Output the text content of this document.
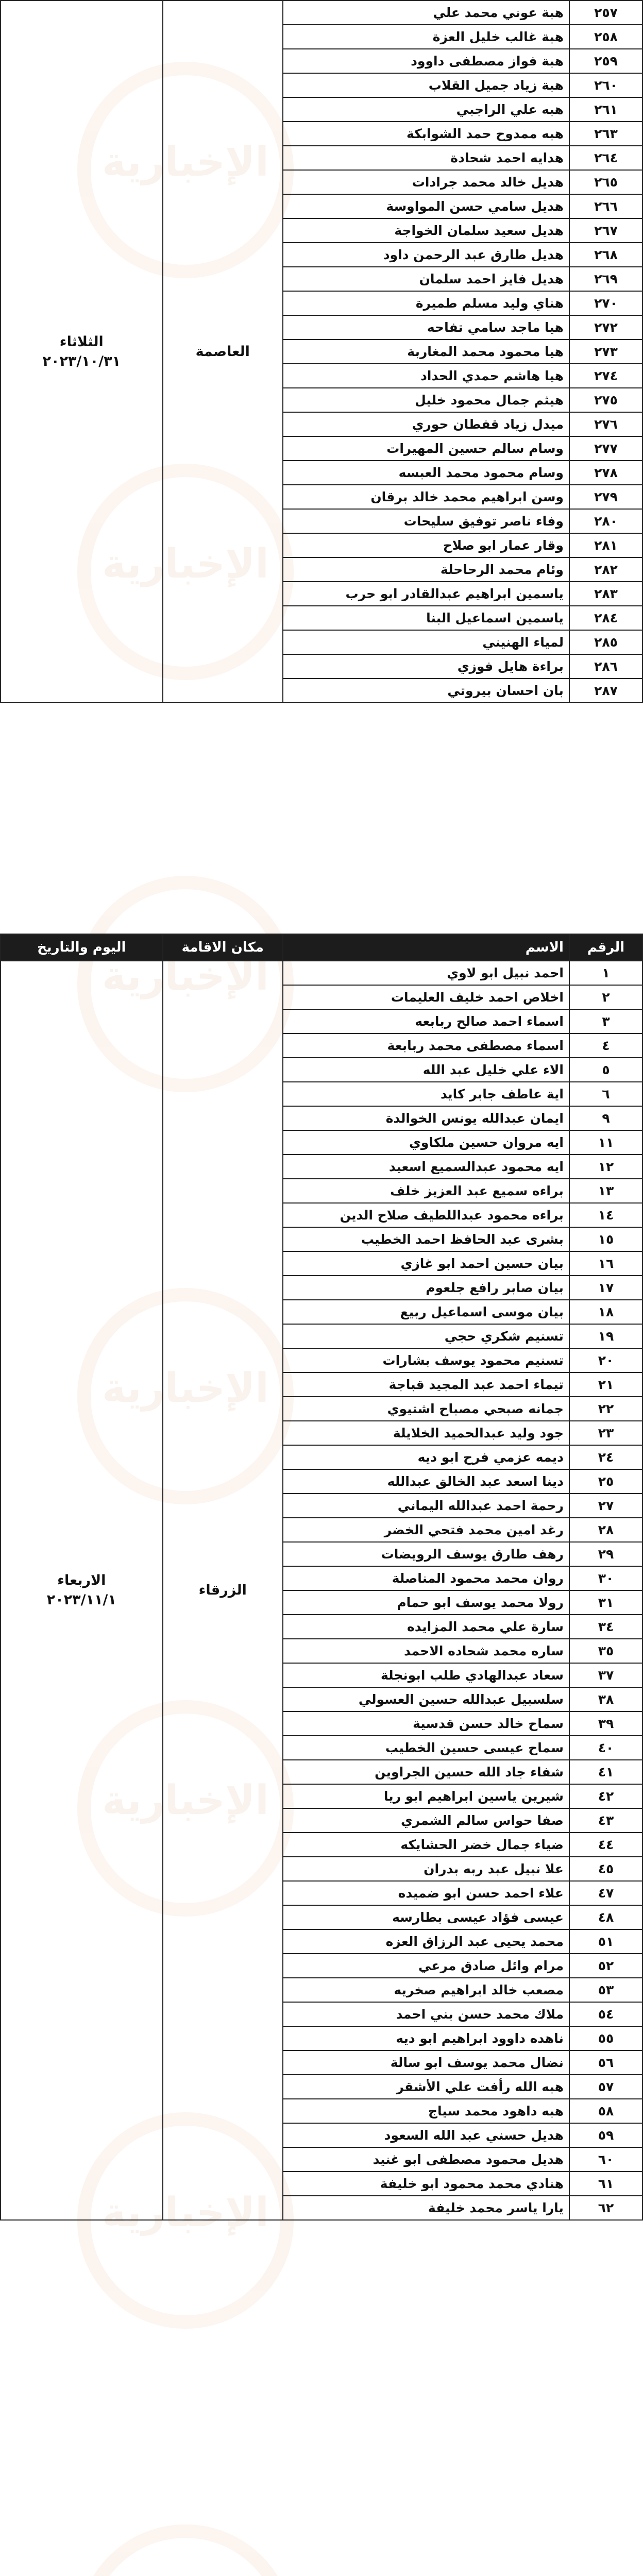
الإخبارية
الإخبارية
الإخبارية
الإخبارية
الإخبارية
الإخبارية
٢٥٧	هبة عوني محمد علي	العاصمة	الثلاثاء
٢٠٢٣/١٠/٣١

٢٥٨	هبة غالب خليل العزة		
٢٥٩	هبة فواز مصطفى داوود		
٢٦٠	هبة زياد جميل القلاب		
٢٦١	هبه علي الراجبي		
٢٦٣	هبه ممدوح حمد الشوابكة		
٢٦٤	هدايه احمد شحادة		
٢٦٥	هديل خالد محمد جرادات		
٢٦٦	هديل سامي حسن المواوسة		
٢٦٧	هديل سعيد سلمان الخواجة		
٢٦٨	هديل طارق عبد الرحمن داود		
٢٦٩	هديل فايز احمد سلمان		
٢٧٠	هناي وليد مسلم طميرة		
٢٧٢	هيا ماجد سامي تفاحه		
٢٧٣	هيا محمود محمد المغاربة		
٢٧٤	هيا هاشم حمدي الحداد		
٢٧٥	هيثم جمال محمود خليل		
٢٧٦	ميدل زياد قفطان حوري		
٢٧٧	وسام سالم حسين المهيرات		
٢٧٨	وسام محمود محمد العبسه		
٢٧٩	وسن ابراهيم محمد خالد برقان		
٢٨٠	وفاء ناصر توفيق سليحات		
٢٨١	وقار عمار ابو صلاح		
٢٨٢	وئام محمد الرحاحلة		
٢٨٣	ياسمين ابراهيم عبدالقادر ابو حرب		
٢٨٤	ياسمين اسماعيل البنا		
٢٨٥	لمياء الهنيني		
٢٨٦	براءة هايل فوزي		
٢٨٧	بان احسان بيروتي		
الرقم	الاسم	مكان الاقامة	اليوم والتاريخ
١	احمد نبيل ابو لاوي	الزرقاء	الاربعاء
٢٠٢٣/١١/١

٢	اخلاص احمد خليف العليمات		
٣	اسماء احمد صالح ربابعه		
٤	اسماء مصطفى محمد ربابعة		
٥	الاء علي خليل عبد الله		
٦	اية عاطف جابر كايد		
٩	ايمان عبدالله يونس الخوالدة		
١١	ايه مروان حسين ملكاوي		
١٢	ايه محمود عبدالسميع اسعيد		
١٣	براءه سميع عبد العزيز خلف		
١٤	براءه محمود عبداللطيف صلاح الدين		
١٥	بشرى عبد الحافظ احمد الخطيب		
١٦	بيان حسين احمد ابو غازي		
١٧	بيان صابر رافع جلعوم		
١٨	بيان موسى اسماعيل ربيع		
١٩	تسنيم شكري حجي		
٢٠	تسنيم محمود يوسف بشارات		
٢١	تيماء احمد عبد المجيد قباجة		
٢٢	جمانه صبحي مصباح اشتيوي		
٢٣	جود وليد عبدالحميد الخلايلة		
٢٤	ديمه عزمي فرح ابو ديه		
٢٥	دينا اسعد عبد الخالق عبدالله		
٢٧	رحمة احمد عبدالله اليماني		
٢٨	رغد امين محمد فتحي الخضر		
٢٩	رهف طارق يوسف الرويضات		
٣٠	روان محمد محمود المناصلة		
٣١	رولا محمد يوسف ابو حمام		
٣٤	سارة علي محمد المزايده		
٣٥	ساره محمد شحاده الاحمد		
٣٧	سعاد عبدالهادي طلب ابونجلة		
٣٨	سلسبيل عبدالله حسين العسولي		
٣٩	سماح خالد حسن قدسية		
٤٠	سماح عيسى حسين الخطيب		
٤١	شفاء جاد الله حسين الجراوين		
٤٢	شيرين ياسين ابراهيم ابو ريا		
٤٣	صفا حواس سالم الشمري		
٤٤	ضياء جمال خضر الحشايكه		
٤٥	علا نبيل عبد ربه بدران		
٤٧	علاء احمد حسن ابو ضميده		
٤٨	عيسى فؤاد عيسى بطارسه		
٥١	محمد يحيى عبد الرزاق العزه		
٥٢	مرام وائل صادق مرعي		
٥٣	مصعب خالد ابراهيم صخريه		
٥٤	ملاك محمد حسن بني احمد		
٥٥	ناهده داوود ابراهيم ابو ديه		
٥٦	نضال محمد يوسف ابو سالة		
٥٧	هبه الله رأفت علي الأشقر		
٥٨	هبه داهود محمد سياج		
٥٩	هديل حسني عبد الله السعود		
٦٠	هديل محمود مصطفى ابو غنيد		
٦١	هنادي محمد محمود ابو خليفة		
٦٢	يارا ياسر محمد خليفة		
